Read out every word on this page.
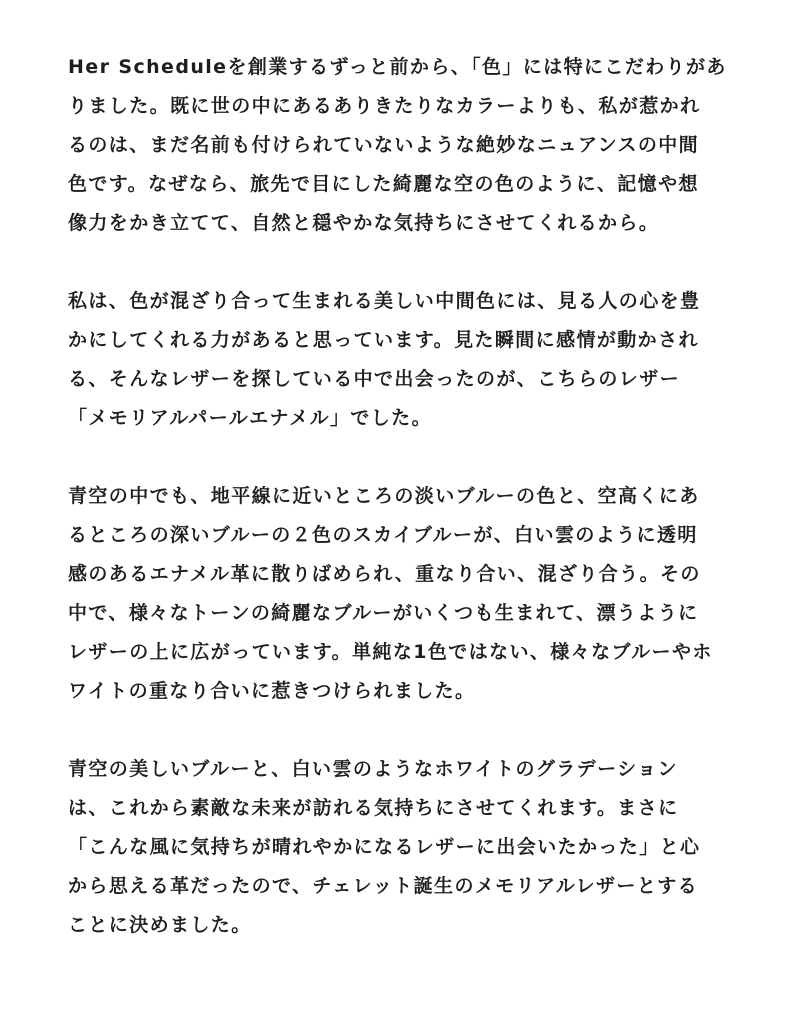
Her Scheduleを創業するずっと前から、「色」には特にこだわりがあ
りました。既に世の中にあるありきたりなカラーよりも、私が惹かれ
るのは、まだ名前も付けられていないような絶妙なニュアンスの中間
色です。なぜなら、旅先で目にした綺麗な空の色のように、記憶や想
像力をかき立てて、自然と穏やかな気持ちにさせてくれるから。

私は、色が混ざり合って生まれる美しい中間色には、見る人の心を豊
かにしてくれる力があると思っています。見た瞬間に感情が動かされ
る、そんなレザーを探している中で出会ったのが、こちらのレザー
「メモリアルパールエナメル」でした。

青空の中でも、地平線に近いところの淡いブルーの色と、空高くにあ
るところの深いブルーの２色のスカイブルーが、白い雲のように透明
感のあるエナメル革に散りばめられ、重なり合い、混ざり合う。その
中で、様々なトーンの綺麗なブルーがいくつも生まれて、漂うように
レザーの上に広がっています。単純な1色ではない、様々なブルーやホ
ワイトの重なり合いに惹きつけられました。

青空の美しいブルーと、白い雲のようなホワイトのグラデーション
は、これから素敵な未来が訪れる気持ちにさせてくれます。まさに
「こんな風に気持ちが晴れやかになるレザーに出会いたかった」と心
から思える革だったので、チェレット誕生のメモリアルレザーとする
ことに決めました。
